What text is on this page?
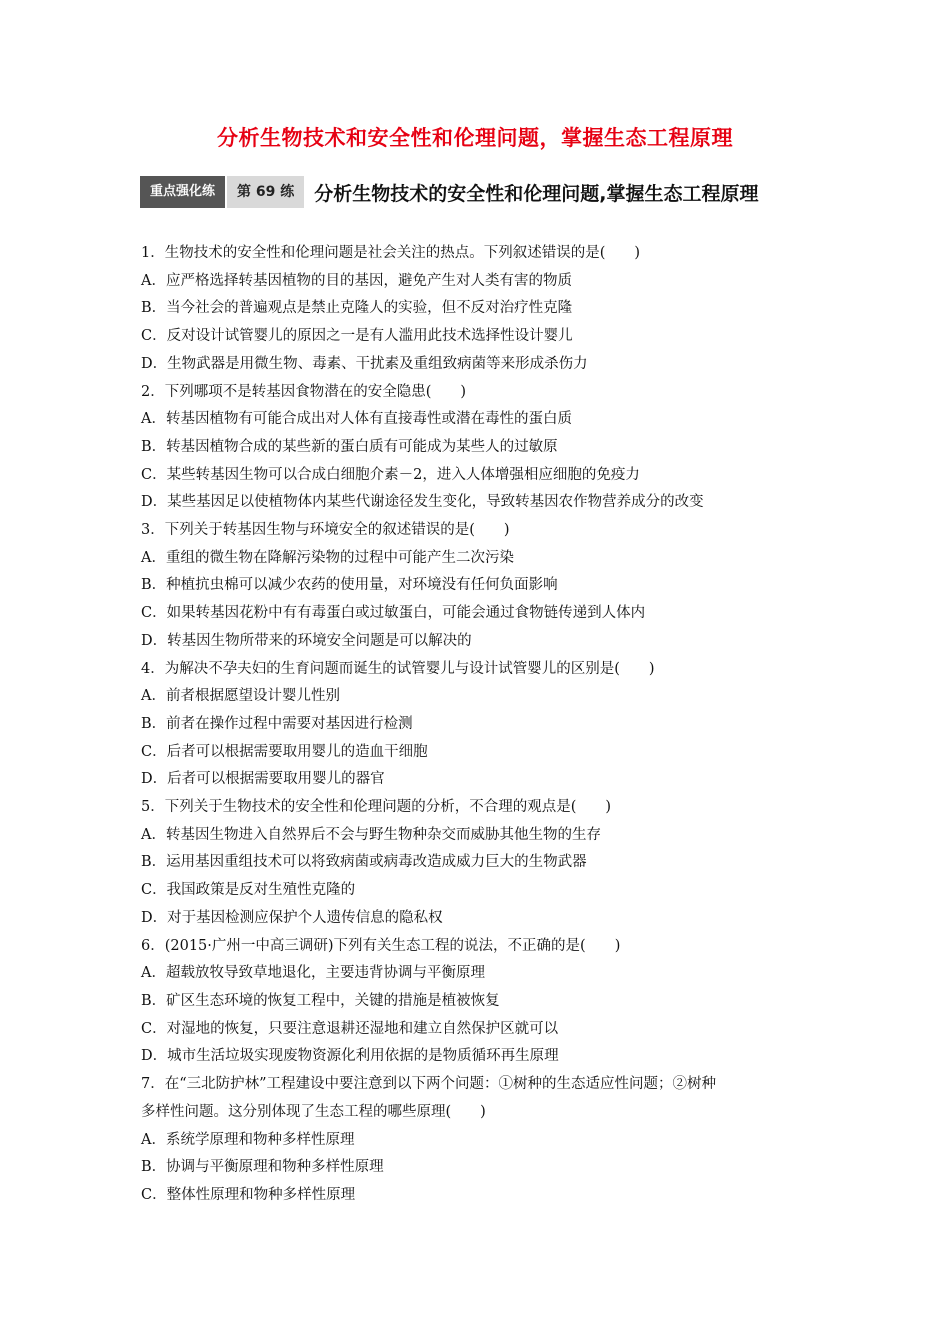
分析生物技术和安全性和伦理问题，掌握生态工程原理
重点强化练	第 69 练	分析生物技术的安全性和伦理问题,掌握生态工程原理
1．生物技术的安全性和伦理问题是社会关注的热点。下列叙述错误的是(　　)
A．应严格选择转基因植物的目的基因，避免产生对人类有害的物质
B．当今社会的普遍观点是禁止克隆人的实验，但不反对治疗性克隆
C．反对设计试管婴儿的原因之一是有人滥用此技术选择性设计婴儿
D．生物武器是用微生物、毒素、干扰素及重组致病菌等来形成杀伤力
2．下列哪项不是转基因食物潜在的安全隐患(　　)
A．转基因植物有可能合成出对人体有直接毒性或潜在毒性的蛋白质
B．转基因植物合成的某些新的蛋白质有可能成为某些人的过敏原
C．某些转基因生物可以合成白细胞介素－2，进入人体增强相应细胞的免疫力
D．某些基因足以使植物体内某些代谢途径发生变化，导致转基因农作物营养成分的改变
3．下列关于转基因生物与环境安全的叙述错误的是(　　)
A．重组的微生物在降解污染物的过程中可能产生二次污染
B．种植抗虫棉可以减少农药的使用量，对环境没有任何负面影响
C．如果转基因花粉中有有毒蛋白或过敏蛋白，可能会通过食物链传递到人体内
D．转基因生物所带来的环境安全问题是可以解决的
4．为解决不孕夫妇的生育问题而诞生的试管婴儿与设计试管婴儿的区别是(　　)
A．前者根据愿望设计婴儿性别
B．前者在操作过程中需要对基因进行检测
C．后者可以根据需要取用婴儿的造血干细胞
D．后者可以根据需要取用婴儿的器官
5．下列关于生物技术的安全性和伦理问题的分析，不合理的观点是(　　)
A．转基因生物进入自然界后不会与野生物种杂交而威胁其他生物的生存
B．运用基因重组技术可以将致病菌或病毒改造成威力巨大的生物武器
C．我国政策是反对生殖性克隆的
D．对于基因检测应保护个人遗传信息的隐私权
6．(2015·广州一中高三调研)下列有关生态工程的说法，不正确的是(　　)
A．超载放牧导致草地退化，主要违背协调与平衡原理
B．矿区生态环境的恢复工程中，关键的措施是植被恢复
C．对湿地的恢复，只要注意退耕还湿地和建立自然保护区就可以
D．城市生活垃圾实现废物资源化利用依据的是物质循环再生原理
7．在“三北防护林”工程建设中要注意到以下两个问题：①树种的生态适应性问题；②树种
多样性问题。这分别体现了生态工程的哪些原理(　　)
A．系统学原理和物种多样性原理
B．协调与平衡原理和物种多样性原理
C．整体性原理和物种多样性原理
